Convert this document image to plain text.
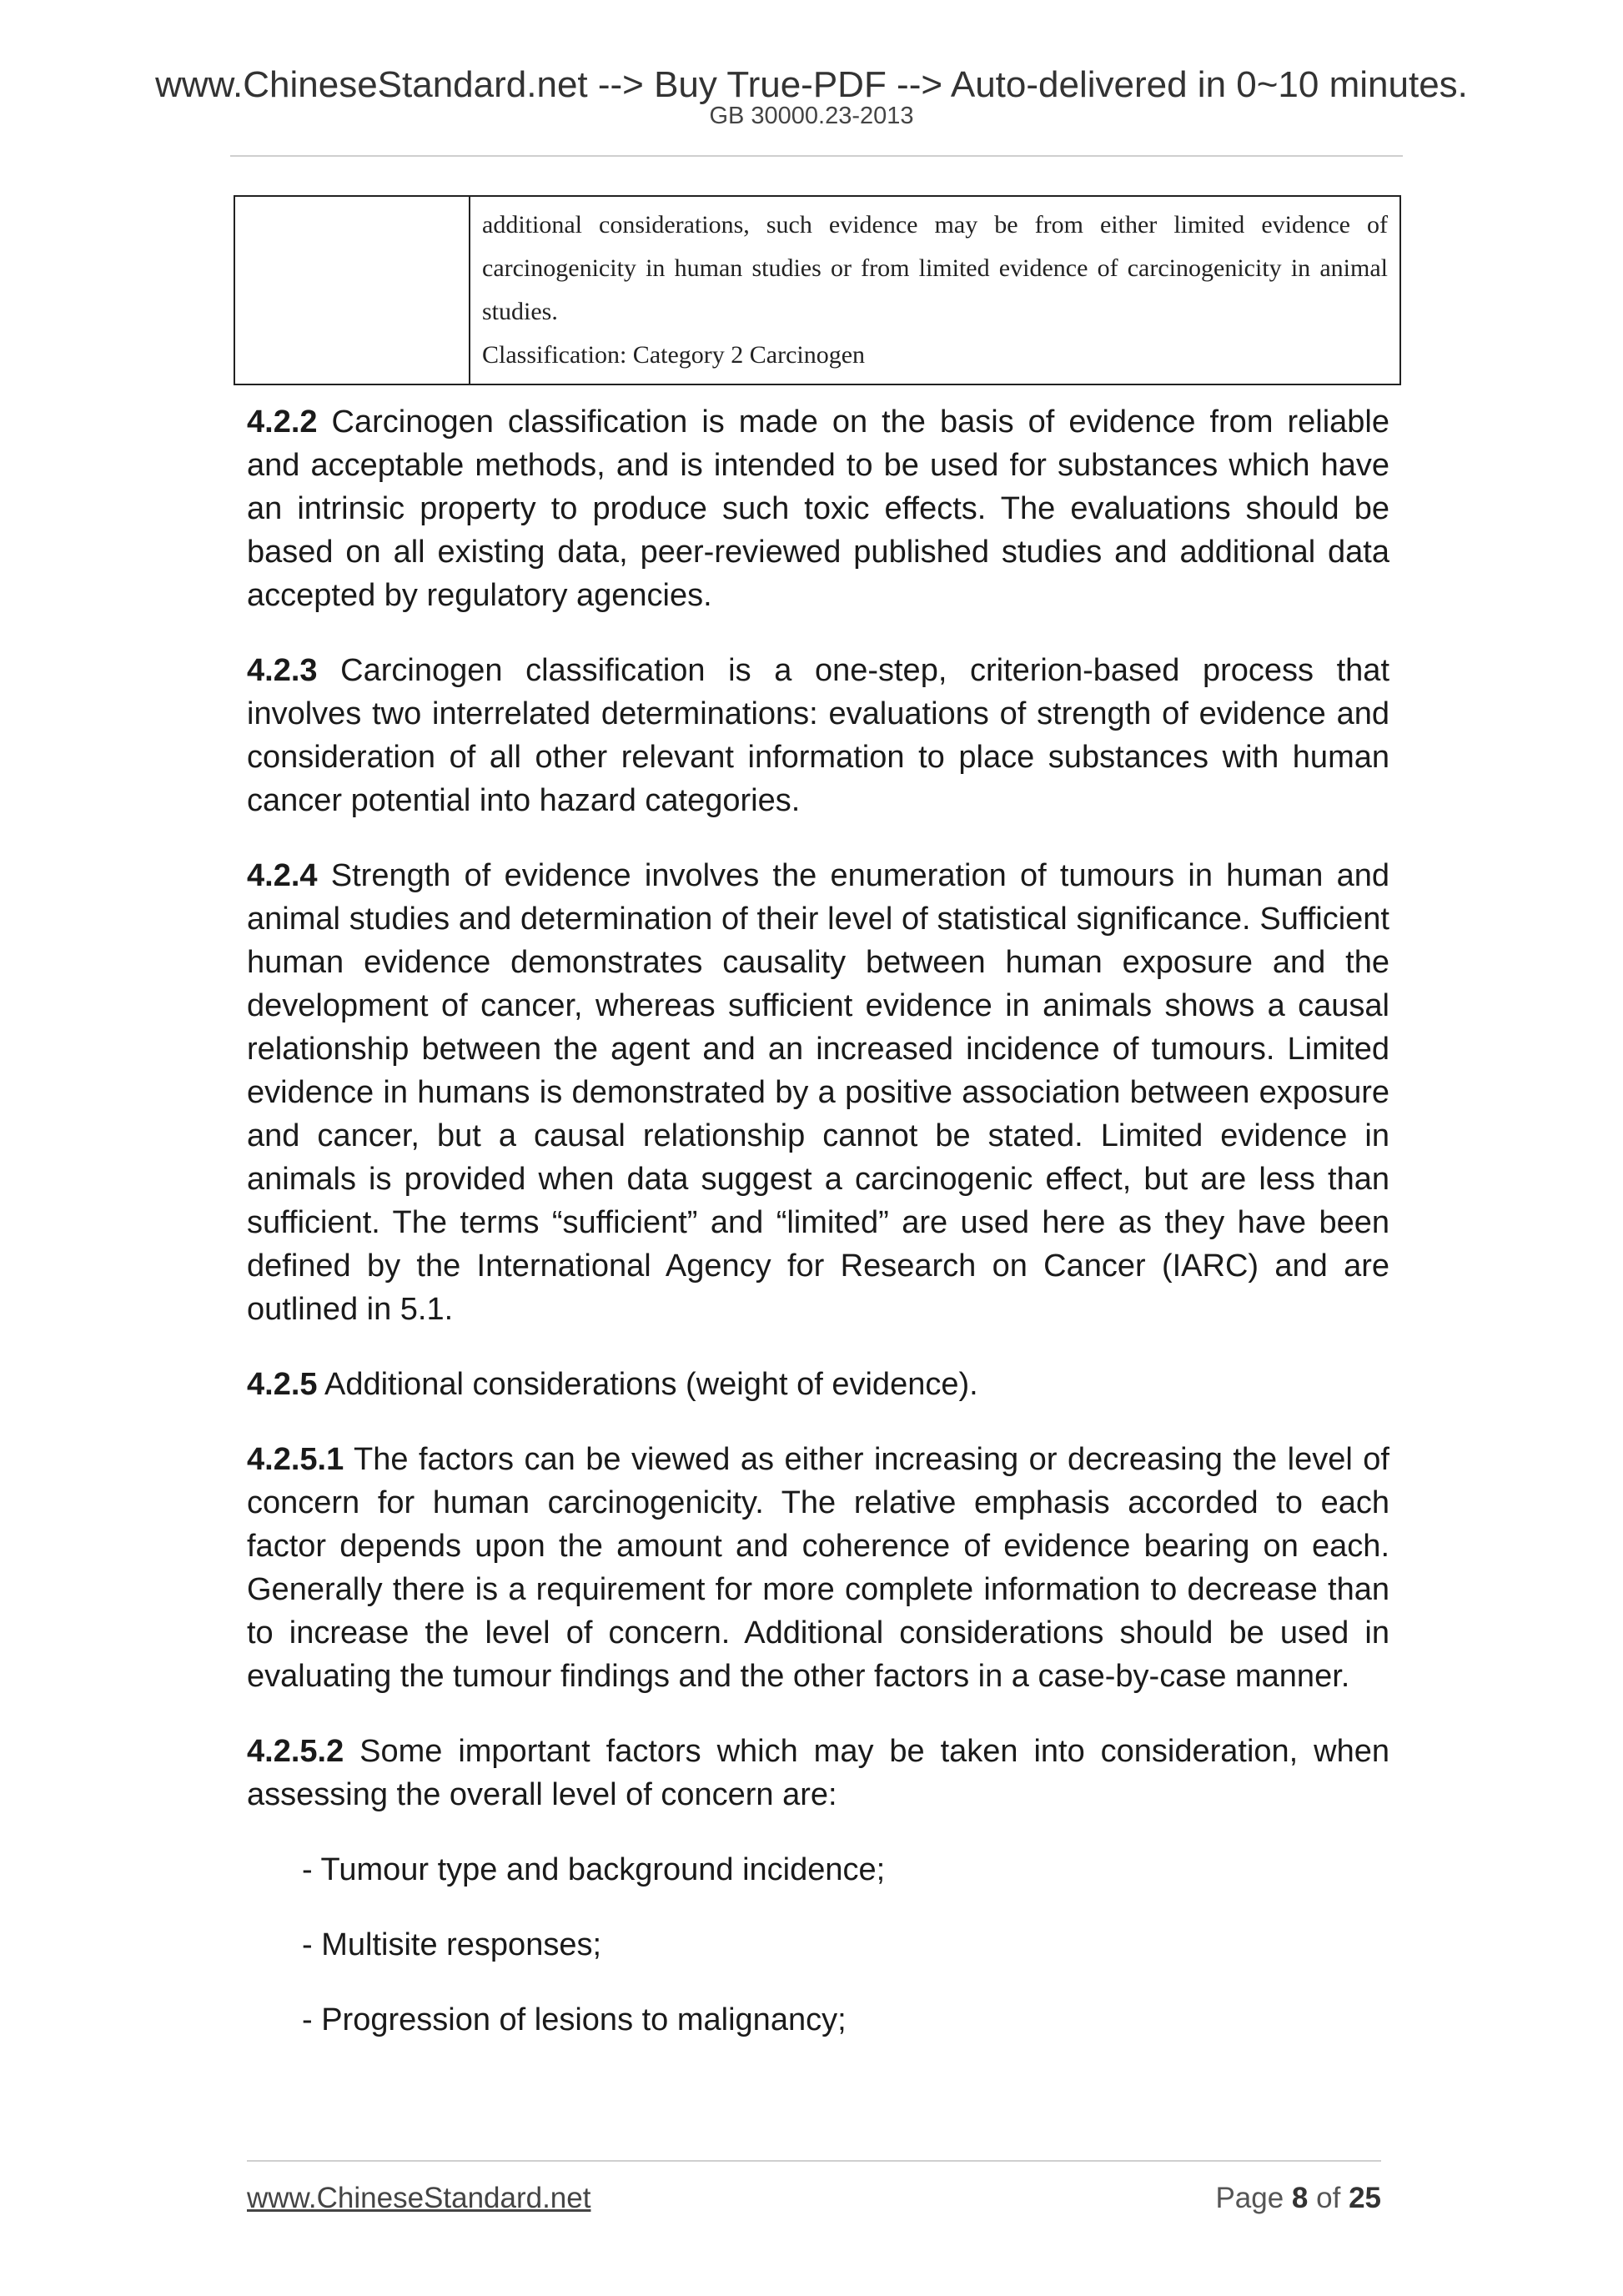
www.ChineseStandard.net --> Buy True-PDF --> Auto-delivered in 0~10 minutes.
GB 30000.23-2013

additional considerations, such evidence may be from either limited evidence of carcinogenicity in human studies or from limited evidence of carcinogenicity in animal studies.
Classification: Category 2 Carcinogen

4.2.2 Carcinogen classification is made on the basis of evidence from reliable and acceptable methods, and is intended to be used for substances which have an intrinsic property to produce such toxic effects. The evaluations should be based on all existing data, peer-reviewed published studies and additional data accepted by regulatory agencies.

4.2.3 Carcinogen classification is a one-step, criterion-based process that involves two interrelated determinations: evaluations of strength of evidence and consideration of all other relevant information to place substances with human cancer potential into hazard categories.

4.2.4 Strength of evidence involves the enumeration of tumours in human and animal studies and determination of their level of statistical significance. Sufficient human evidence demonstrates causality between human exposure and the development of cancer, whereas sufficient evidence in animals shows a causal relationship between the agent and an increased incidence of tumours. Limited evidence in humans is demonstrated by a positive association between exposure and cancer, but a causal relationship cannot be stated. Limited evidence in animals is provided when data suggest a carcinogenic effect, but are less than sufficient. The terms “sufficient” and “limited” are used here as they have been defined by the International Agency for Research on Cancer (IARC) and are outlined in 5.1.

4.2.5 Additional considerations (weight of evidence).

4.2.5.1 The factors can be viewed as either increasing or decreasing the level of concern for human carcinogenicity. The relative emphasis accorded to each factor depends upon the amount and coherence of evidence bearing on each. Generally there is a requirement for more complete information to decrease than to increase the level of concern. Additional considerations should be used in evaluating the tumour findings and the other factors in a case-by-case manner.

4.2.5.2 Some important factors which may be taken into consideration, when assessing the overall level of concern are:

- Tumour type and background incidence;
- Multisite responses;
- Progression of lesions to malignancy;
www.ChineseStandard.net	Page 8 of 25
